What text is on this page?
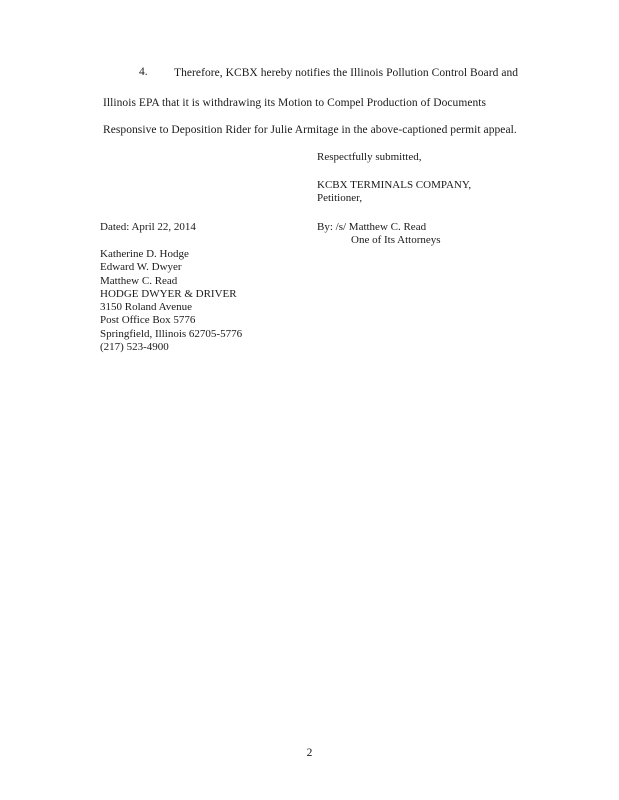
4. Therefore, KCBX hereby notifies the Illinois Pollution Control Board and
Illinois EPA that it is withdrawing its Motion to Compel Production of Documents
Responsive to Deposition Rider for Julie Armitage in the above-captioned permit appeal.
Respectfully submitted,
KCBX TERMINALS COMPANY,
Petitioner,
Dated: April 22, 2014	By: /s/ Matthew C. Read
One of Its Attorneys
Katherine D. Hodge
Edward W. Dwyer
Matthew C. Read
HODGE DWYER & DRIVER
3150 Roland Avenue
Post Office Box 5776
Springfield, Illinois 62705-5776
(217) 523-4900
2
